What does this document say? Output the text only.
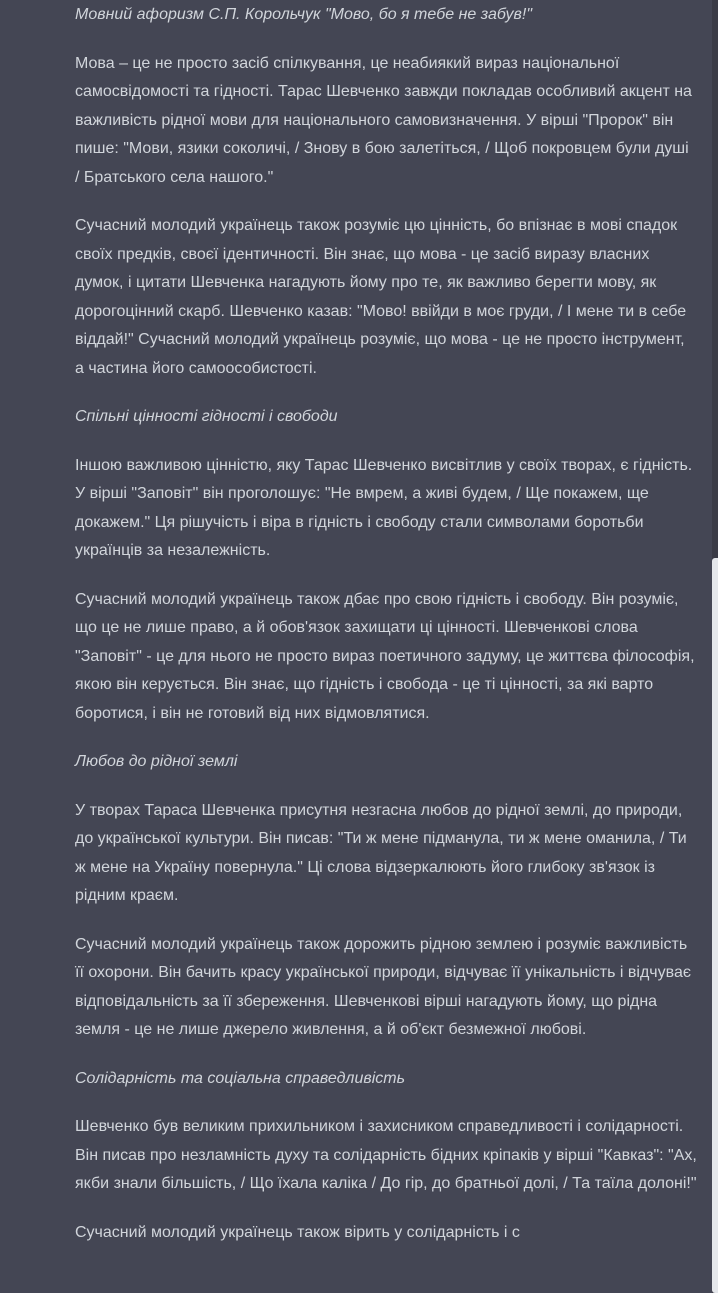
Мовний афоризм С.П. Корольчук "Мово, бо я тебе не забув!"

Мова – це не просто засіб спілкування, це неабиякий вираз національної самосвідомості та гідності. Тарас Шевченко завжди покладав особливий акцент на важливість рідної мови для національного самовизначення. У вірші "Пророк" він пише: "Мови, язики соколичі, / Знову в бою залетіться, / Щоб покровцем були душі / Братського села нашого."

Сучасний молодий українець також розуміє цю цінність, бо впізнає в мові спадок своїх предків, своєї ідентичності. Він знає, що мова - це засіб виразу власних думок, і цитати Шевченка нагадують йому про те, як важливо берегти мову, як дорогоцінний скарб. Шевченко казав: "Мово! ввійди в моє груди, / І мене ти в себе віддай!" Сучасний молодий українець розуміє, що мова - це не просто інструмент, а частина його самоособистості.

Спільні цінності гідності і свободи

Іншою важливою цінністю, яку Тарас Шевченко висвітлив у своїх творах, є гідність. У вірші "Заповіт" він проголошує: "Не вмрем, а живі будем, / Ще покажем, ще докажем." Ця рішучість і віра в гідність і свободу стали символами боротьби українців за незалежність.

Сучасний молодий українець також дбає про свою гідність і свободу. Він розуміє, що це не лише право, а й обов'язок захищати ці цінності. Шевченкові слова "Заповіт" - це для нього не просто вираз поетичного задуму, це життєва філософія, якою він керується. Він знає, що гідність і свобода - це ті цінності, за які варто боротися, і він не готовий від них відмовлятися.

Любов до рідної землі

У творах Тараса Шевченка присутня незгасна любов до рідної землі, до природи, до української культури. Він писав: "Ти ж мене підманула, ти ж мене оманила, / Ти ж мене на Україну повернула." Ці слова відзеркалюють його глибоку зв'язок із рідним краєм.

Сучасний молодий українець також дорожить рідною землею і розуміє важливість її охорони. Він бачить красу української природи, відчуває її унікальність і відчуває відповідальність за її збереження. Шевченкові вірші нагадують йому, що рідна земля - це не лише джерело живлення, а й об'єкт безмежної любові.

Солідарність та соціальна справедливість

Шевченко був великим прихильником і захисником справедливості і солідарності. Він писав про незламність духу та солідарність бідних кріпаків у вірші "Кавказ": "Ах, якби знали більшість, / Що їхала каліка / До гір, до братньої долі, / Та таїла долоні!"

Сучасний молодий українець також вірить у солідарність і с
